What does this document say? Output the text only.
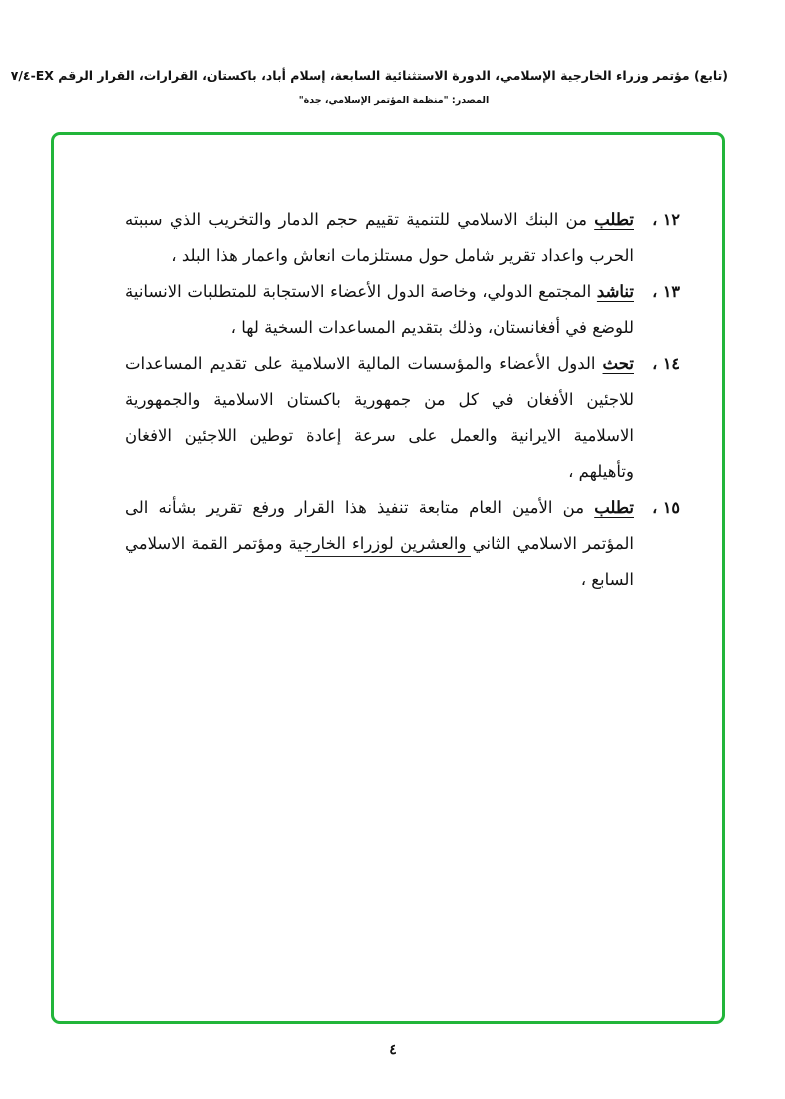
(تابع) مؤتمر وزراء الخارجية الإسلامي، الدورة الاستثنائية السابعة، إسلام أباد، باكستان، القرارات، القرار الرقم EX-٧/٤
المصدر: "منظمة المؤتمر الإسلامي، جدة"
١٢ ،
تطلب من البنك الاسلامي للتنمية تقييم حجم الدمار والتخريب الذي سببته الحرب واعداد تقرير شامل حول مستلزمات انعاش واعمار هذا البلد ،
١٣ ،
تناشد المجتمع الدولي، وخاصة الدول الأعضاء الاستجابة للمتطلبات الانسانية للوضع في أفغانستان، وذلك بتقديم المساعدات السخية لها ،
١٤ ،
تحث الدول الأعضاء والمؤسسات المالية الاسلامية على تقديم المساعدات للاجئين الأفغان في كل من جمهورية باكستان الاسلامية والجمهورية الاسلامية الايرانية والعمل على سرعة إعادة توطين اللاجئين الافغان وتأهيلهم ،
١٥ ،
تطلب من الأمين العام متابعة تنفيذ هذا القرار ورفع تقرير بشأنه الى المؤتمر الاسلامي الثاني والعشرين لوزراء الخارجية ومؤتمر القمة الاسلامي السابع ،
٤
